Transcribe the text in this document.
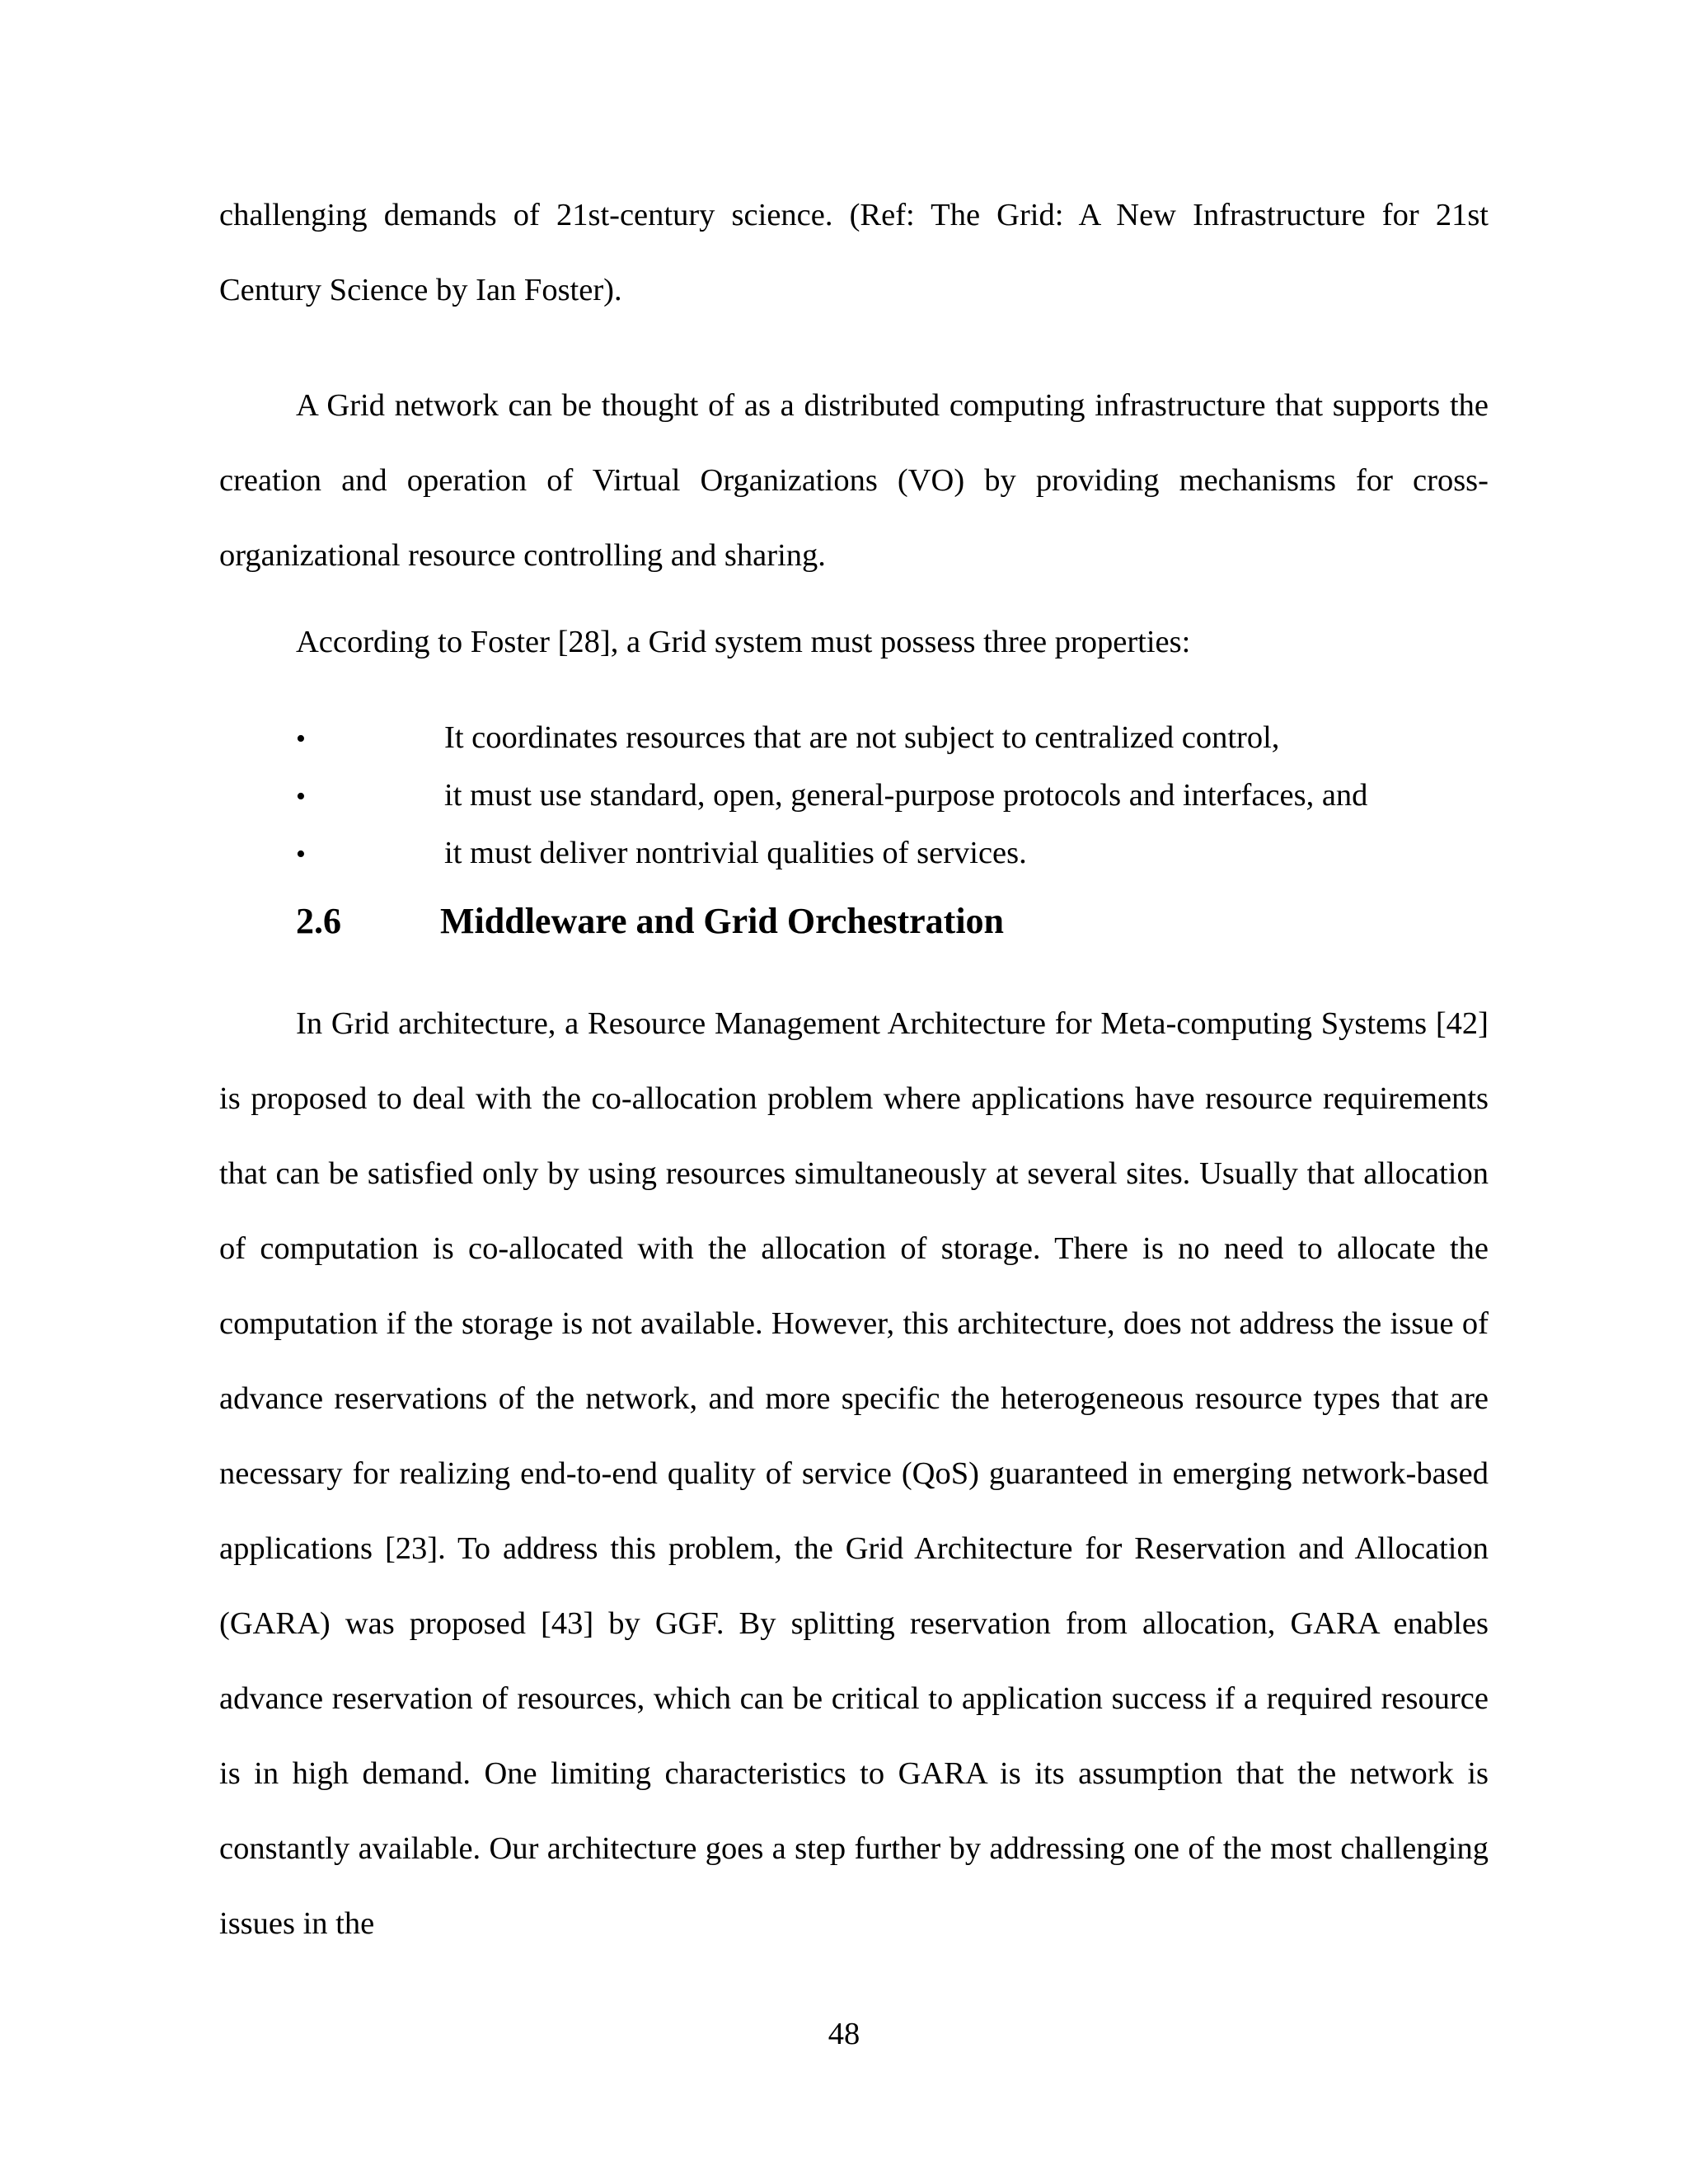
challenging demands of 21st-century science. (Ref: The Grid: A New Infrastructure for 21st Century Science by Ian Foster).

A Grid network can be thought of as a distributed computing infrastructure that supports the creation and operation of Virtual Organizations (VO) by providing mechanisms for cross-organizational resource controlling and sharing.

According to Foster [28], a Grid system must possess three properties:

•	It coordinates resources that are not subject to centralized control,
•	it must use standard, open, general-purpose protocols and interfaces, and
•	it must deliver nontrivial qualities of services.
2.6	Middleware and Grid Orchestration

In Grid architecture, a Resource Management Architecture for Meta-computing Systems [42] is proposed to deal with the co-allocation problem where applications have resource requirements that can be satisfied only by using resources simultaneously at several sites. Usually that allocation of computation is co-allocated with the allocation of storage. There is no need to allocate the computation if the storage is not available. However, this architecture, does not address the issue of advance reservations of the network, and more specific the heterogeneous resource types that are necessary for realizing end-to-end quality of service (QoS) guaranteed in emerging network-based applications [23]. To address this problem, the Grid Architecture for Reservation and Allocation (GARA) was proposed [43] by GGF. By splitting reservation from allocation, GARA enables advance reservation of resources, which can be critical to application success if a required resource is in high demand. One limiting characteristics to GARA is its assumption that the network is constantly available. Our architecture goes a step further by addressing one of the most challenging issues in the

48
